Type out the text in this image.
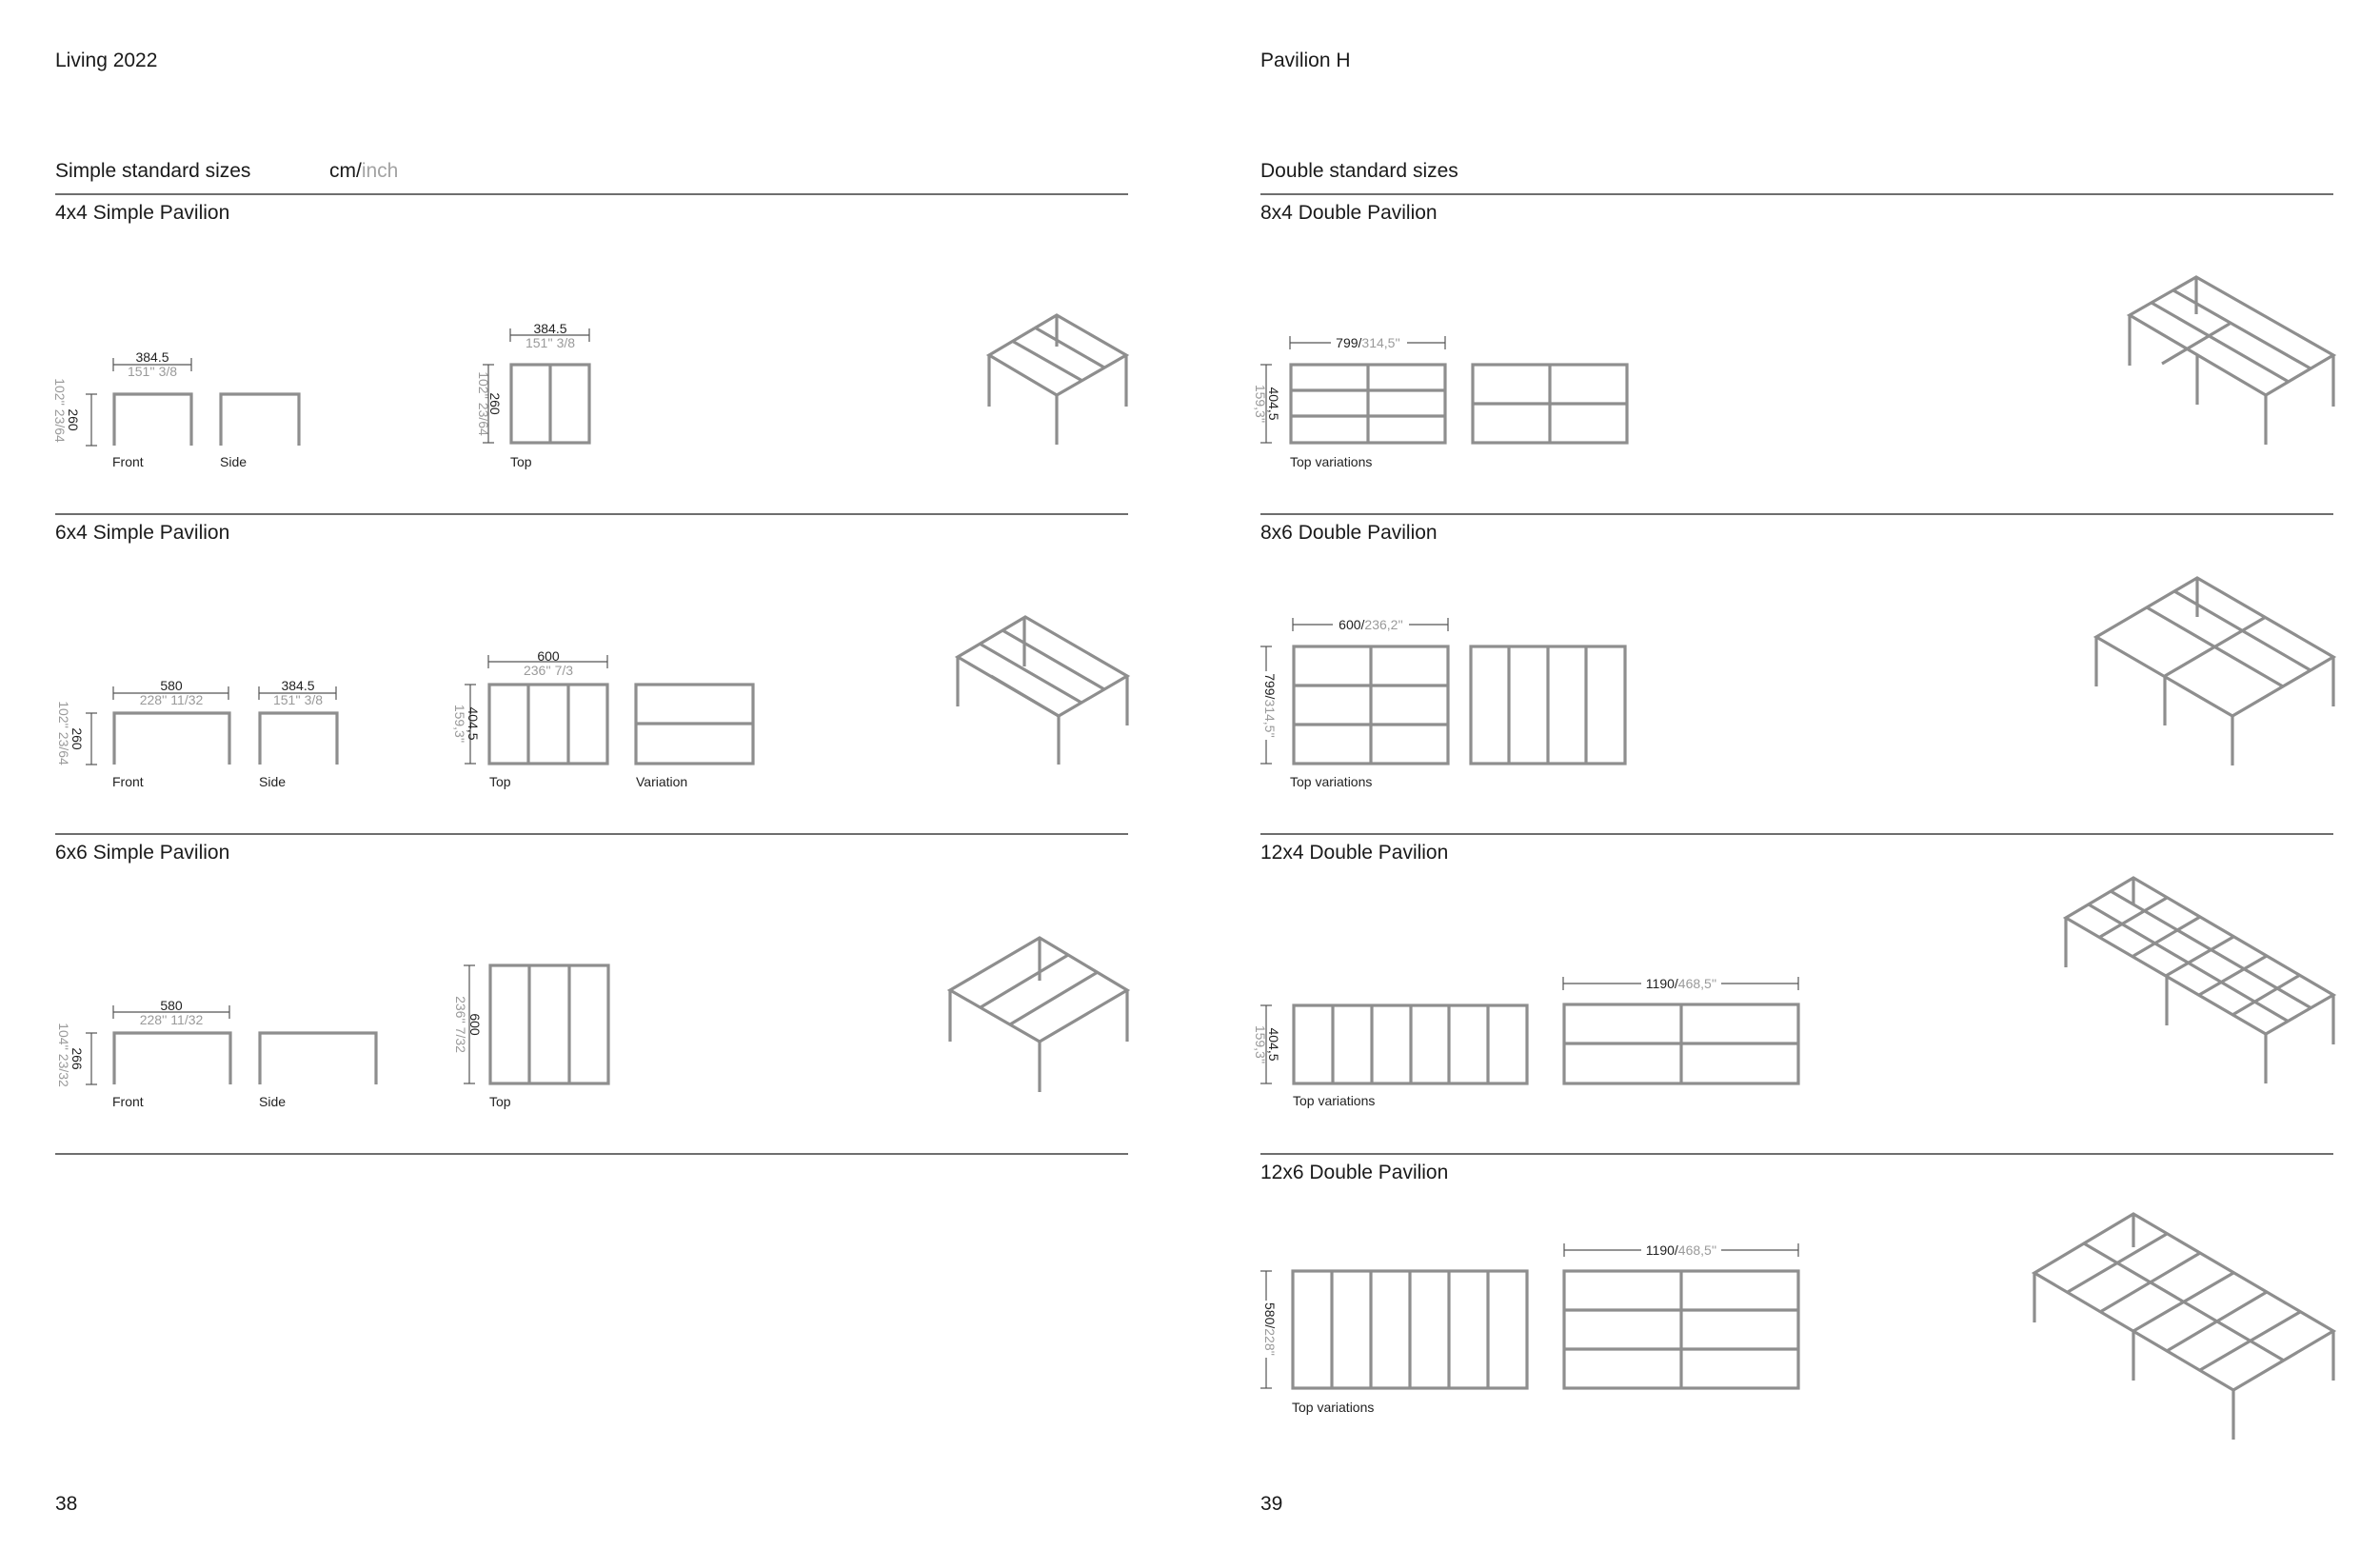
Living 2022
Simple standard sizes	cm/inch
4x4 Simple Pavilion
384.5
151'' 3/8
260
102'' 23/64
Front	Side
384.5
151'' 3/8
260
102'' 23/64
Top
6x4 Simple Pavilion
580
228'' 11/32
384.5
151'' 3/8
260
102'' 23/64
Front	Side
600
236'' 7/3
404,5
159,3''
Top	Variation
6x6 Simple Pavilion
580
228'' 11/32
266
104'' 23/32
Front	Side
600
236'' 7/32
Top
38
Pavilion H
Double standard sizes
8x4 Double Pavilion
799/314,5''
404,5
159,3''
Top variations
8x6 Double Pavilion
600/236,2''
799/314,5''
Top variations
12x4 Double Pavilion
1190/468,5''
404,5
159,3''
Top variations
12x6 Double Pavilion
1190/468,5''
580/228''
Top variations
39
